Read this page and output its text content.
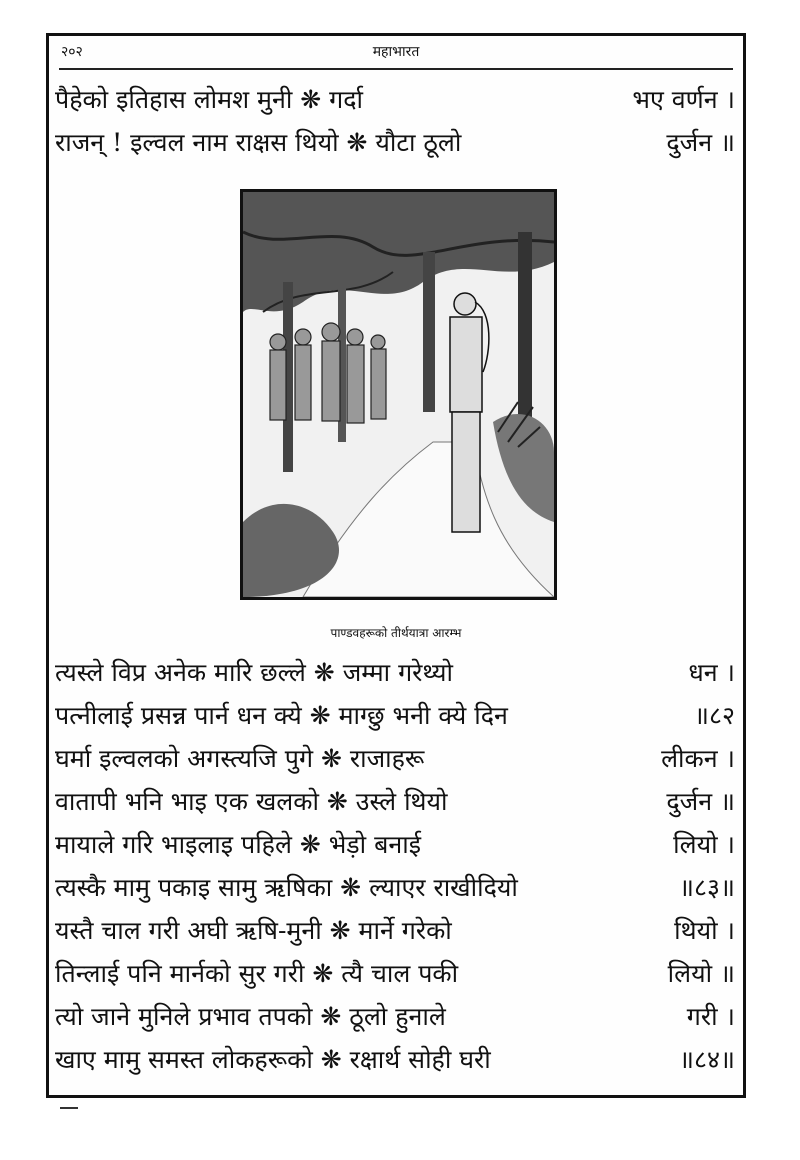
२०२	महाभारत
पैहेको इतिहास लोमश मुनी ❋ गर्दा	भए वर्णन ।
राजन् ! इल्वल नाम राक्षस थियो ❋ यौटा ठूलो	दुर्जन ॥
पाण्डवहरूको तीर्थयात्रा आरम्भ
त्यस्ले विप्र अनेक मारि छल्ले ❋ जम्मा गरेथ्यो	धन ।
पत्नीलाई प्रसन्न पार्न धन क्ये ❋ माग्छु भनी क्ये दिन	॥८२
घर्मा इल्वलको अगस्त्यजि पुगे ❋ राजाहरू	लीकन ।
वातापी भनि भाइ एक खलको ❋ उस्ले थियो	दुर्जन ॥
मायाले गरि भाइलाइ पहिले ❋ भेड़ो बनाई	लियो ।
त्यस्कै मामु पकाइ सामु ऋषिका ❋ ल्याएर राखीदियो	॥८३॥
यस्तै चाल गरी अघी ऋषि-मुनी ❋ मार्ने गरेको	थियो ।
तिन्लाई पनि मार्नको सुर गरी ❋ त्यै चाल पकी	लियो ॥
त्यो जाने मुनिले प्रभाव तपको ❋ ठूलो हुनाले	गरी ।
खाए मामु समस्त लोकहरूको ❋ रक्षार्थ सोही घरी	॥८४॥
